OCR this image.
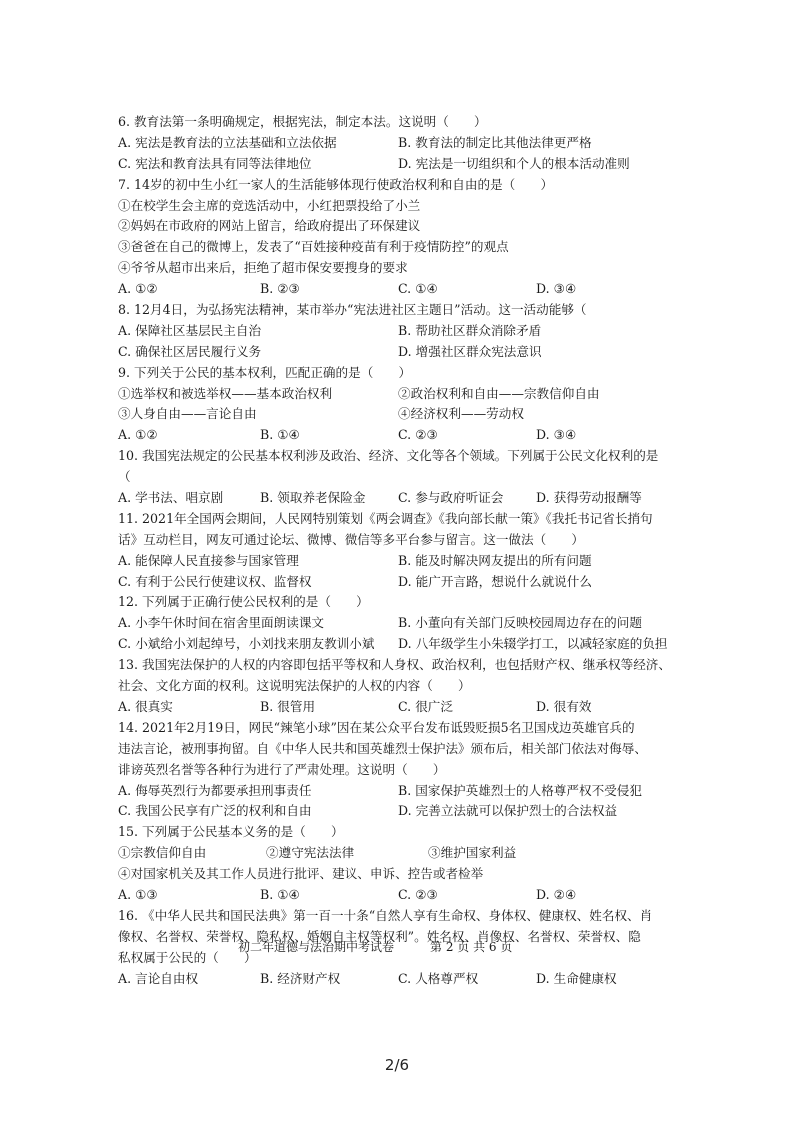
6. 教育法第一条明确规定，根据宪法，制定本法。这说明（　　）
A. 宪法是教育法的立法基础和立法依据	B. 教育法的制定比其他法律更严格
C. 宪法和教育法具有同等法律地位	D. 宪法是一切组织和个人的根本活动准则
7. 14岁的初中生小红一家人的生活能够体现行使政治权利和自由的是（　　）
①在校学生会主席的竞选活动中，小红把票投给了小兰
②妈妈在市政府的网站上留言，给政府提出了环保建议
③爸爸在自己的微博上，发表了“百姓接种疫苗有利于疫情防控”的观点
④爷爷从超市出来后，拒绝了超市保安要搜身的要求
A. ①②	B. ②③	C. ①④	D. ③④
8. 12月4日，为弘扬宪法精神，某市举办“宪法进社区主题日”活动。这一活动能够（
A. 保障社区基层民主自治	B. 帮助社区群众消除矛盾
C. 确保社区居民履行义务	D. 增强社区群众宪法意识
9. 下列关于公民的基本权利，匹配正确的是（　　）
①选举权和被选举权——基本政治权利	②政治权利和自由——宗教信仰自由
③人身自由——言论自由	④经济权利——劳动权
A. ①②	B. ①④	C. ②③	D. ③④
10. 我国宪法规定的公民基本权利涉及政治、经济、文化等各个领域。下列属于公民文化权利的是
（
A. 学书法、唱京剧	B. 领取养老保险金	C. 参与政府听证会	D. 获得劳动报酬等
11. 2021年全国两会期间，人民网特别策划《两会调查》《我向部长献一策》《我托书记省长捎句
话》互动栏目，网友可通过论坛、微博、微信等多平台参与留言。这一做法（　　）
A. 能保障人民直接参与国家管理	B. 能及时解决网友提出的所有问题
C. 有利于公民行使建议权、监督权	D. 能广开言路，想说什么就说什么
12. 下列属于正确行使公民权利的是（　　）
A. 小李午休时间在宿舍里面朗读课文	B. 小董向有关部门反映校园周边存在的问题
C. 小斌给小刘起绰号，小刘找来朋友教训小斌 D. 八年级学生小朱辍学打工，以减轻家庭的负担
13. 我国宪法保护的人权的内容即包括平等权和人身权、政治权利，也包括财产权、继承权等经济、
社会、文化方面的权利。这说明宪法保护的人权的内容（　　）
A. 很真实	B. 很管用	C. 很广泛	D. 很有效
14. 2021年2月19日，网民“辣笔小球”因在某公众平台发布诋毁贬损5名卫国戍边英雄官兵的
违法言论，被刑事拘留。自《中华人民共和国英雄烈士保护法》颁布后，相关部门依法对侮辱、
诽谤英烈名誉等各种行为进行了严肃处理。这说明（　　）
A. 侮辱英烈行为都要承担刑事责任	B. 国家保护英雄烈士的人格尊严权不受侵犯
C. 我国公民享有广泛的权利和自由	D. 完善立法就可以保护烈士的合法权益
15. 下列属于公民基本义务的是（　　）
①宗教信仰自由	②遵守宪法法律	③维护国家利益
④对国家机关及其工作人员进行批评、建议、申诉、控告或者检举
A. ①③	B. ①④	C. ②③	D. ②④
16. 《中华人民共和国民法典》第一百一十条“自然人享有生命权、身体权、健康权、姓名权、肖
像权、名誉权、荣誉权、隐私权、婚姻自主权等权利”。姓名权、肖像权、名誉权、荣誉权、隐
私权属于公民的（　　）
A. 言论自由权	B. 经济财产权	C. 人格尊严权	D. 生命健康权
初二年道德与法治期中考试卷	第 2 页 共 6 页
2/6
